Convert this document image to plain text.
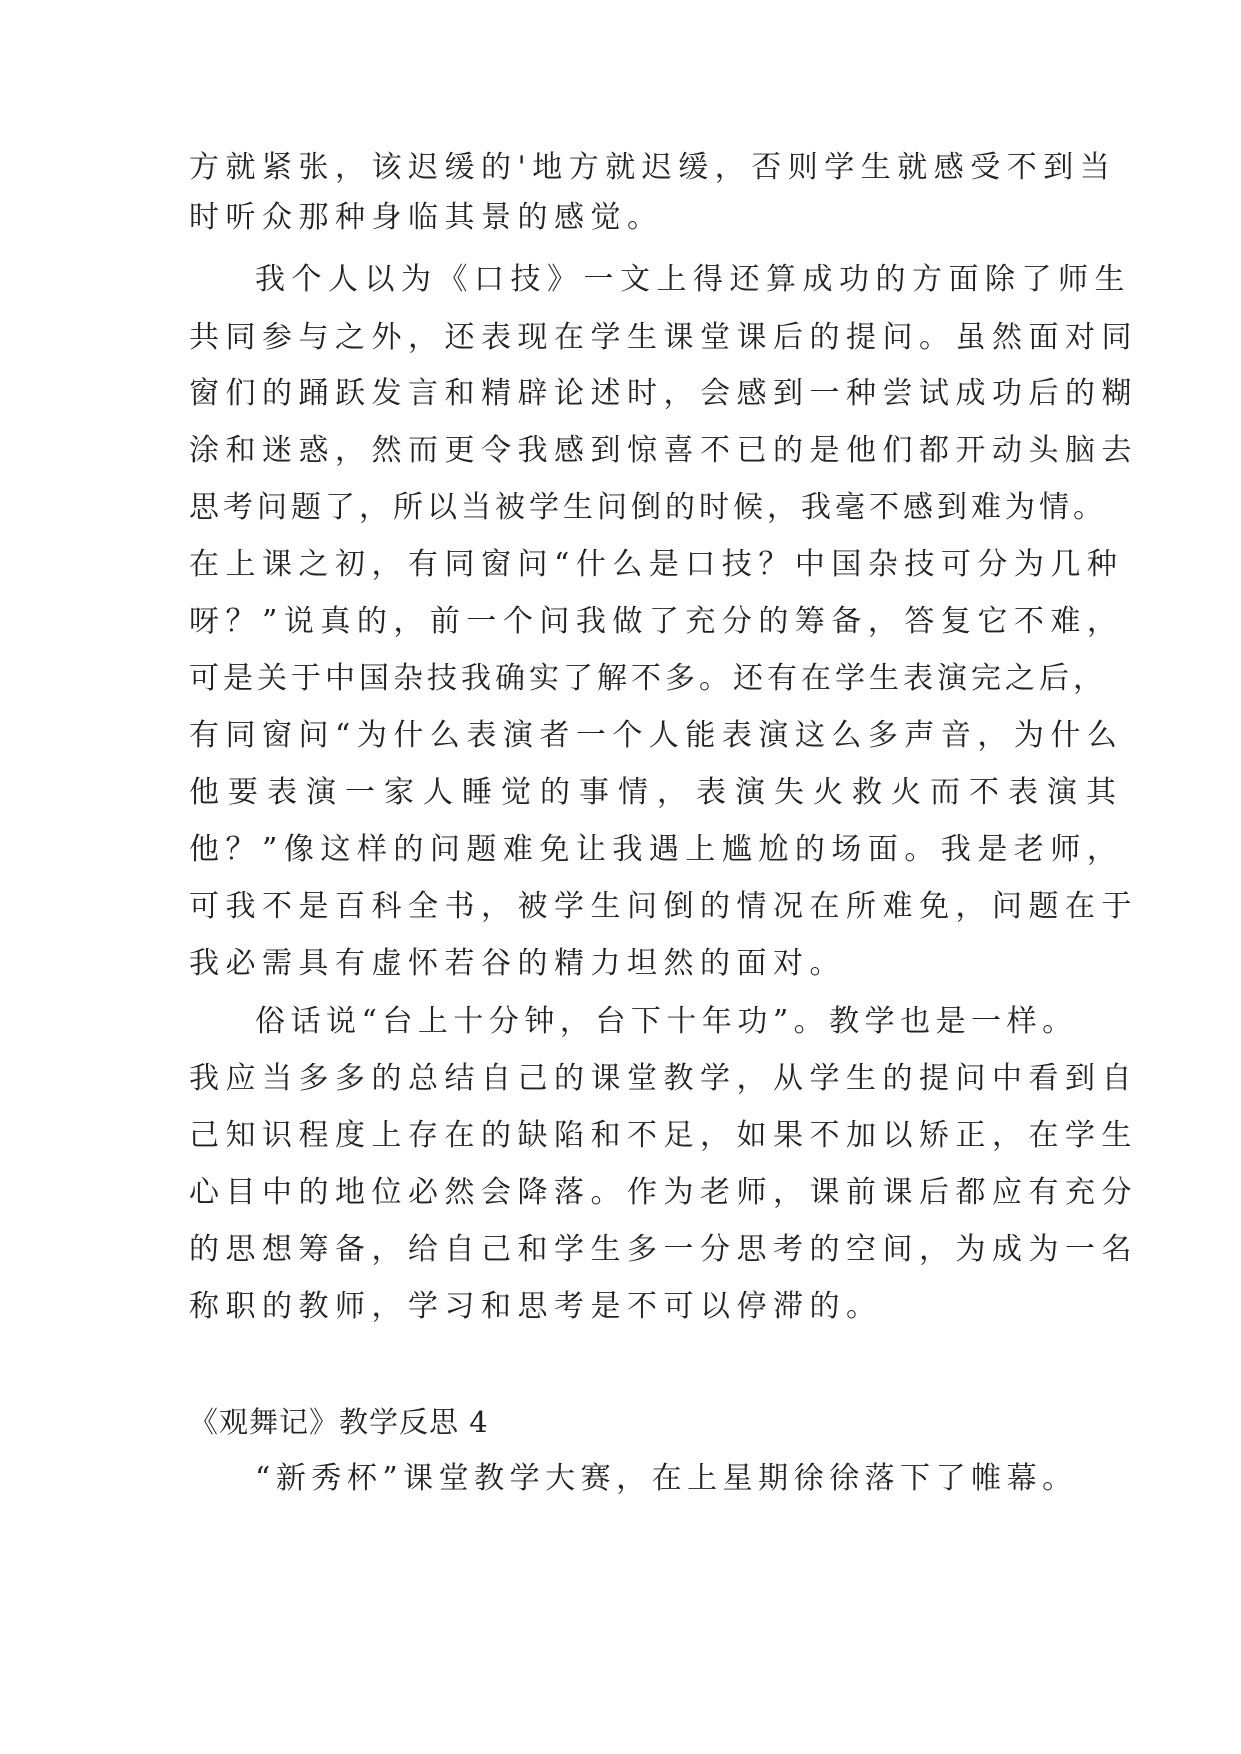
方就紧张，该迟缓的'地方就迟缓，否则学生就感受不到当
时听众那种身临其景的感觉。
我个人以为《口技》一文上得还算成功的方面除了师生
共同参与之外，还表现在学生课堂课后的提问。虽然面对同
窗们的踊跃发言和精辟论述时，会感到一种尝试成功后的糊
涂和迷惑，然而更令我感到惊喜不已的是他们都开动头脑去
思考问题了，所以当被学生问倒的时候，我毫不感到难为情。
在上课之初，有同窗问“什么是口技？中国杂技可分为几种
呀？”说真的，前一个问我做了充分的筹备，答复它不难，
可是关于中国杂技我确实了解不多。还有在学生表演完之后，
有同窗问“为什么表演者一个人能表演这么多声音，为什么
他要表演一家人睡觉的事情，表演失火救火而不表演其
他？”像这样的问题难免让我遇上尴尬的场面。我是老师，
可我不是百科全书，被学生问倒的情况在所难免，问题在于
我必需具有虚怀若谷的精力坦然的面对。
俗话说“台上十分钟，台下十年功”。教学也是一样。
我应当多多的总结自己的课堂教学，从学生的提问中看到自
己知识程度上存在的缺陷和不足，如果不加以矫正，在学生
心目中的地位必然会降落。作为老师，课前课后都应有充分
的思想筹备，给自己和学生多一分思考的空间，为成为一名
称职的教师，学习和思考是不可以停滞的。
《观舞记》教学反思 4
“新秀杯”课堂教学大赛，在上星期徐徐落下了帷幕。
